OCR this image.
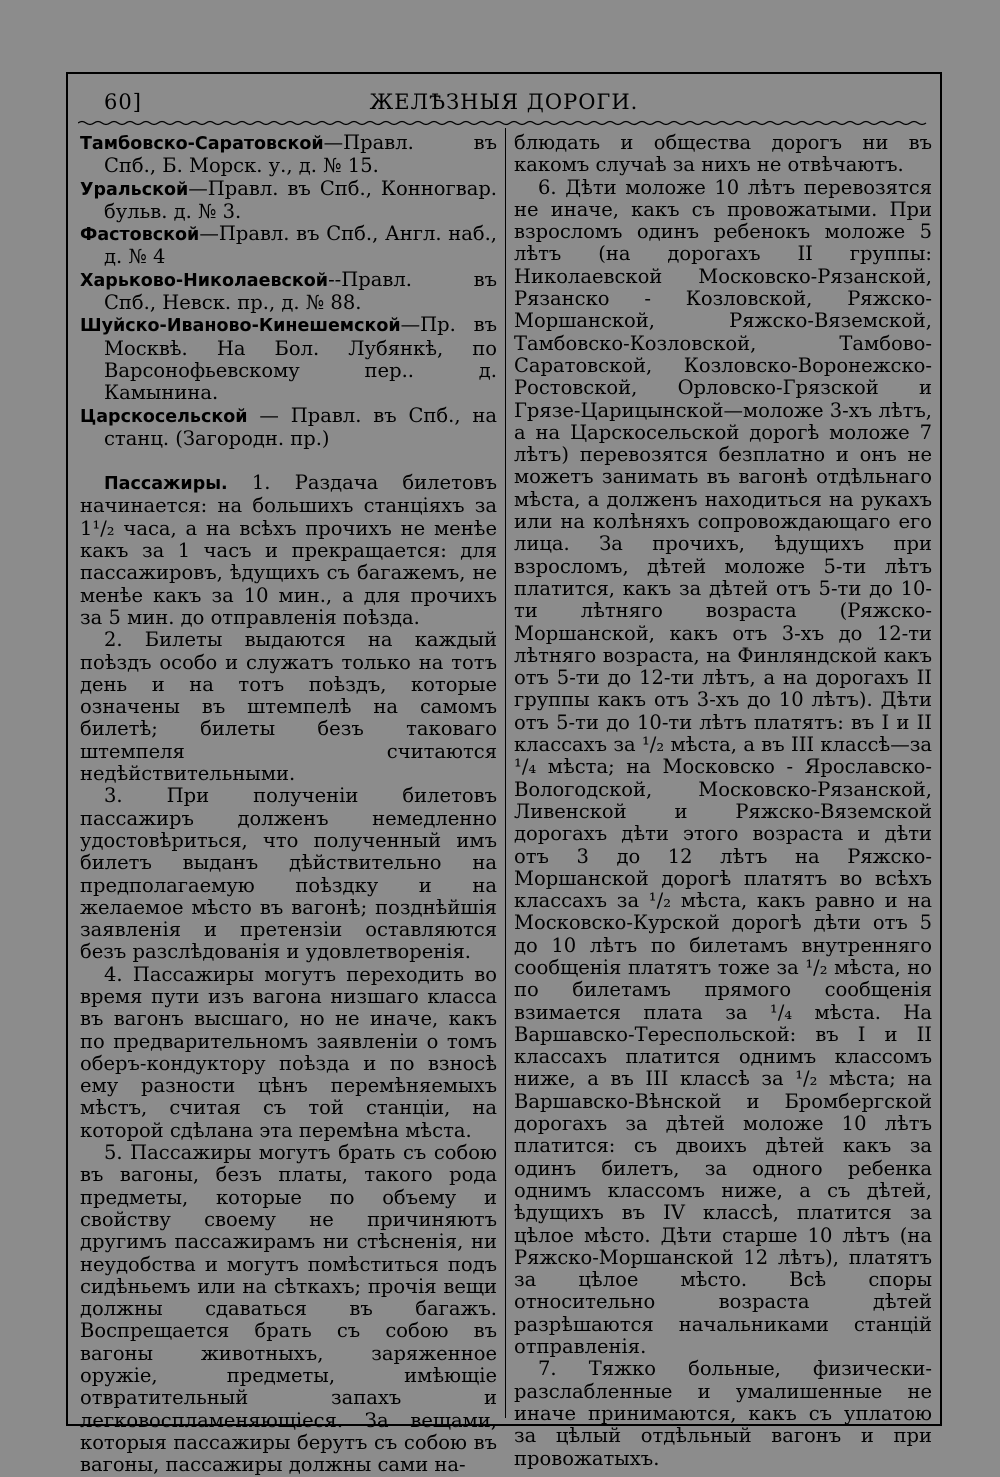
60]	ЖЕЛѢЗНЫЯ ДОРОГИ.

Тамбовско-Саратовской—Правл. въ Спб., Б. Морск. у., д. № 15.

Уральской—Правл. въ Спб., Конногвар. бульв. д. № 3.

Фастовской—Правл. въ Спб., Англ. наб., д. № 4

Харьково-Николаевской--Правл. въ Спб., Невск. пр., д. № 88.

Шуйско-Иваново-Кинешемской—Пр. въ Москвѣ. На Бол. Лубянкѣ, по Варсонофьевскому пер.. д. Камынина.

Царскосельской — Правл. въ Спб., на станц. (Загородн. пр.)

Пассажиры. 1. Раздача билетовъ начинается: на большихъ станціяхъ за 1¹/₂ часа, а на всѣхъ прочихъ не менѣе какъ за 1 часъ и прекращается: для пассажировъ, ѣдущихъ съ багажемъ, не менѣе какъ за 10 мин., а для прочихъ за 5 мин. до отправленія поѣзда.

2. Билеты выдаются на каждый поѣздъ особо и служатъ только на тотъ день и на тотъ поѣздъ, которые означены въ штемпелѣ на самомъ билетѣ; билеты безъ таковаго штемпеля считаются недѣйствительными.

3. При полученіи билетовъ пассажиръ долженъ немедленно удостовѣриться, что полученный имъ билетъ выданъ дѣйствительно на предполагаемую поѣздку и на желаемое мѣсто въ вагонѣ; позднѣйшія заявленія и претензіи оставляются безъ разслѣдованія и удовлетворенія.

4. Пассажиры могутъ переходить во время пути изъ вагона низшаго класса въ вагонъ высшаго, но не иначе, какъ по предварительномъ заявленіи о томъ оберъ-кондуктору поѣзда и по взносѣ ему разности цѣнъ перемѣняемыхъ мѣстъ, считая съ той станціи, на которой сдѣлана эта перемѣна мѣста.

5. Пассажиры могутъ брать съ собою въ вагоны, безъ платы, такого рода предметы, которые по объему и свойству своему не причиняютъ другимъ пассажирамъ ни стѣсненія, ни неудобства и могутъ помѣститься подъ сидѣньемъ или на сѣткахъ; прочія вещи должны сдаваться въ багажъ. Воспрещается брать съ собою въ вагоны животныхъ, заряженное оружіе, предметы, имѣющіе отвратительный запахъ и легковоспламеняющіеся. За вещами, которыя пассажиры берутъ съ собою въ вагоны, пассажиры должны сами на-

блюдать и общества дорогъ ни въ какомъ случаѣ за нихъ не отвѣчаютъ.

6. Дѣти моложе 10 лѣтъ перевозятся не иначе, какъ съ провожатыми. При взросломъ одинъ ребенокъ моложе 5 лѣтъ (на дорогахъ II группы: Николаевской Московско-Рязанской, Рязанско - Козловской, Ряжско-Моршанской, Ряжско-Вяземской, Тамбовско-Козловской, Тамбово-Саратовской, Козловско-Воронежско-Ростовской, Орловско-Грязской и Грязе-Царицынской—моложе 3-хъ лѣтъ, а на Царскосельской дорогѣ моложе 7 лѣтъ) перевозятся безплатно и онъ не можетъ занимать въ вагонѣ отдѣльнаго мѣста, а долженъ находиться на рукахъ или на колѣняхъ сопровождающаго его лица. За прочихъ, ѣдущихъ при взросломъ, дѣтей моложе 5-ти лѣтъ платится, какъ за дѣтей отъ 5-ти до 10-ти лѣтняго возраста (Ряжско-Моршанской, какъ отъ 3-хъ до 12-ти лѣтняго возраста, на Финляндской какъ отъ 5-ти до 12-ти лѣтъ, а на дорогахъ II группы какъ отъ 3-хъ до 10 лѣтъ). Дѣти отъ 5-ти до 10-ти лѣтъ платятъ: въ I и II классахъ за ¹/₂ мѣста, а въ III классѣ—за ¹/₄ мѣста; на Московско - Ярославско-Вологодской, Московско-Рязанской, Ливенской и Ряжско-Вяземской дорогахъ дѣти этого возраста и дѣти отъ 3 до 12 лѣтъ на Ряжско-Моршанской дорогѣ платятъ во всѣхъ классахъ за ¹/₂ мѣста, какъ равно и на Московско-Курской дорогѣ дѣти отъ 5 до 10 лѣтъ по билетамъ внутренняго сообщенія платятъ тоже за ¹/₂ мѣста, но по билетамъ прямого сообщенія взимается плата за ¹/₄ мѣста. На Варшавско-Тереспольской: въ I и II классахъ платится однимъ классомъ ниже, а въ III классѣ за ¹/₂ мѣста; на Варшавско-Вѣнской и Бромбергской дорогахъ за дѣтей моложе 10 лѣтъ платится: съ двоихъ дѣтей какъ за одинъ билетъ, за одного ребенка однимъ классомъ ниже, а съ дѣтей, ѣдущихъ въ IV классѣ, платится за цѣлое мѣсто. Дѣти старше 10 лѣтъ (на Ряжско-Моршанской 12 лѣтъ), платятъ за цѣлое мѣсто. Всѣ споры относительно возраста дѣтей разрѣшаются начальниками станцій отправленія.

7. Тяжко больные, физически-разслабленные и умалишенные не иначе принимаются, какъ съ уплатою за цѣлый отдѣльный вагонъ и при провожатыхъ.
